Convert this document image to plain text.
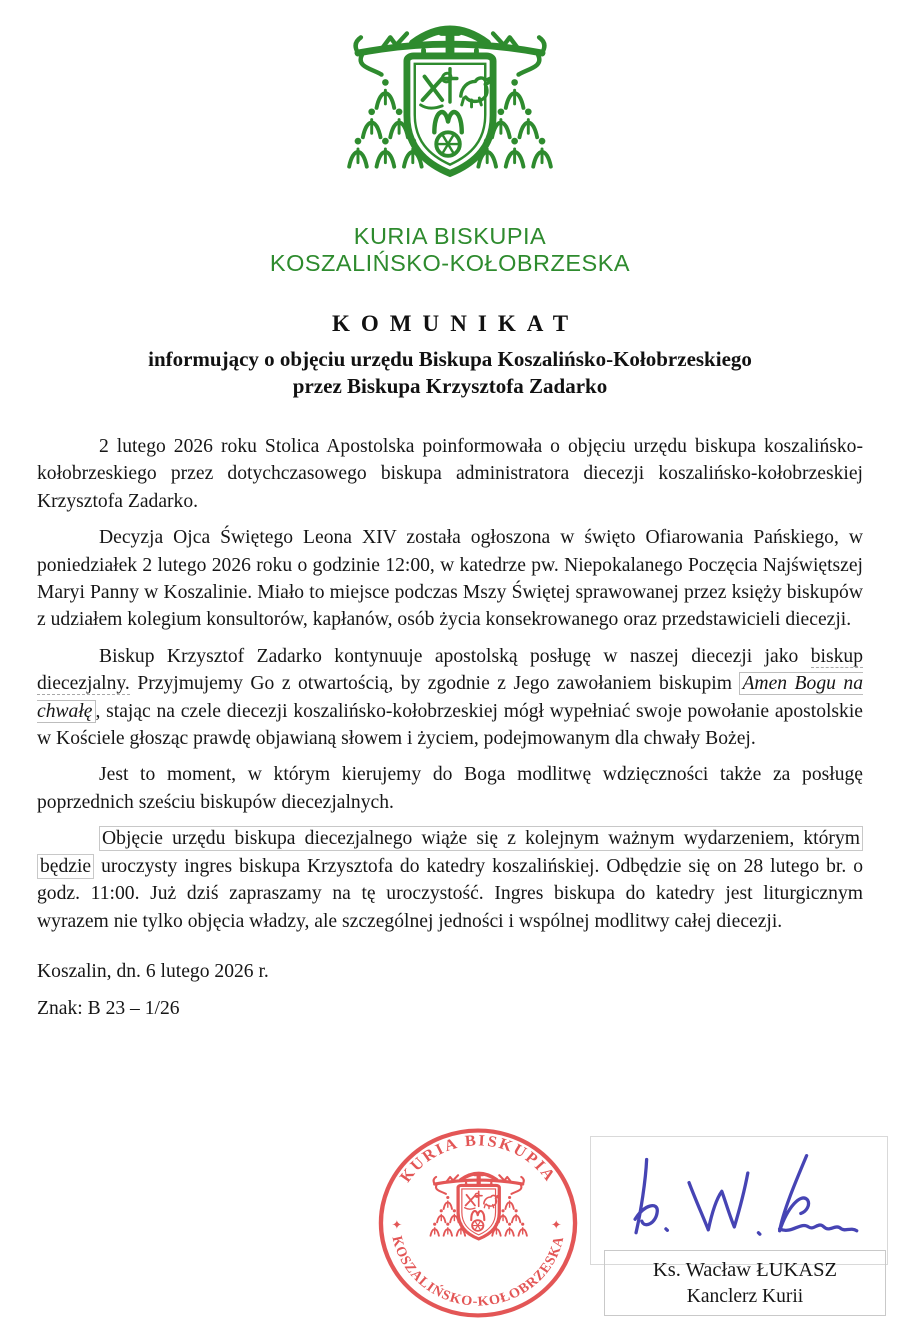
KURIA BISKUPIA
KOSZALIŃSKO-KOŁOBRZESKA
KOMUNIKAT
informujący o objęciu urzędu Biskupa Koszalińsko-Kołobrzeskiego
przez Biskupa Krzysztofa Zadarko

2 lutego 2026 roku Stolica Apostolska poinformowała o objęciu urzędu biskupa koszalińsko-kołobrzeskiego przez dotychczasowego biskupa administratora diecezji koszalińsko-kołobrzeskiej Krzysztofa Zadarko.

Decyzja Ojca Świętego Leona XIV została ogłoszona w święto Ofiarowania Pańskiego, w poniedziałek 2 lutego 2026 roku o godzinie 12:00, w katedrze pw. Niepokalanego Poczęcia Najświętszej Maryi Panny w Koszalinie. Miało to miejsce podczas Mszy Świętej sprawowanej przez księży biskupów z udziałem kolegium konsultorów, kapłanów, osób życia konsekrowanego oraz przedstawicieli diecezji.

Biskup Krzysztof Zadarko kontynuuje apostolską posługę w naszej diecezji jako biskup diecezjalny. Przyjmujemy Go z otwartością, by zgodnie z Jego zawołaniem biskupim Amen Bogu na chwałę , stając na czele diecezji koszalińsko-kołobrzeskiej mógł wypełniać swoje powołanie apostolskie w Kościele głosząc prawdę objawianą słowem i życiem, podejmowanym dla chwały Bożej.

Jest to moment, w którym kierujemy do Boga modlitwę wdzięczności także za posługę poprzednich sześciu biskupów diecezjalnych.

Objęcie urzędu biskupa diecezjalnego wiąże się z kolejnym ważnym wydarzeniem, którym będzie uroczysty ingres biskupa Krzysztofa do katedry koszalińskiej. Odbędzie się on 28 lutego br. o godz. 11:00. Już dziś zapraszamy na tę uroczystość. Ingres biskupa do katedry jest liturgicznym wyrazem nie tylko objęcia władzy, ale szczególnej jedności i wspólnej modlitwy całej diecezji.

Koszalin, dn. 6 lutego 2026 r.
Znak: B 23 – 1/26
KURIA BISKUPIA
KOSZALIŃSKO-KOŁOBRZESKA
✦	✦
Ks. Wacław ŁUKASZ
Kanclerz Kurii
